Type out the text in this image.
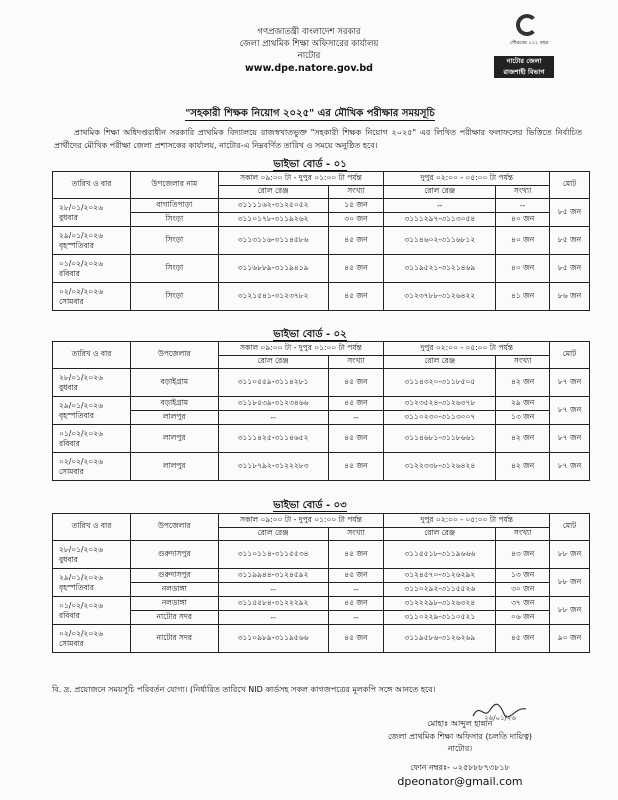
গণপ্রজাতন্ত্রী বাংলাদেশ সরকার
জেলা প্রাথমিক শিক্ষা অফিসারের কার্যালয়
নাটোর
www.dpe.natore.gov.bd
গৌরবের ১২২ বছর
নাটোর জেলা
রাজশাহী বিভাগ
"সহকারী শিক্ষক নিয়োগ ২০২৫" এর মৌখিক পরীক্ষার সময়সূচি
প্রাথমিক শিক্ষা অধিদপ্তরাধীন সরকারি প্রাথমিক বিদ্যালয়ে রাজস্বখাতভুক্ত "সহকারী শিক্ষক নিয়োগ ২০২৫" এর লিখিত পরীক্ষার ফলাফলের ভিত্তিতে নির্বাচিত প্রার্থীদের মৌখিক পরীক্ষা জেলা প্রশাসকের কার্যালয়, নাটোর-এ নিম্নবর্ণিত তারিখ ও সময়ে অনুষ্ঠিত হবে।
ভাইভা বোর্ড - ০১
তারিখ ও বার	উপজেলার নাম	সকাল ০৯:০০ টা - দুপুর ০১:০০ টা পর্যন্ত		দুপুর ০২:০০ - ০৫:০০ টা পর্যন্ত		মোট
		রোল রেঞ্জ	সংখ্যা	রোল রেঞ্জ	সংখ্যা	

২৮/০১/২০২৬
বুধবার	বাগাতিপাড়া	৩১১১১৬২-৩১২৫০৫২	১৫ জন	--	--	৮৫ জন
	সিংড়া	৩১১০১৭৮-৩১১৯২৬২	৩০ জন	৩১১১২৯৭-৩১১৩০৫৪	৪০ জন	

২৯/০১/২০২৬
বৃহস্পতিবার	সিংড়া	৩১১৩১১৬-৩১১৪৫৮৬	৪৫ জন	৩১১৪৬০২-৩১১৬৮১২	৪০ জন	৮৫ জন

০১/০২/২০২৬
রবিবার	সিংড়া	৩১১৬৮৮৯-৩১১৯৪১৯	৪৫ জন	৩১১৯৫২১-৩১২১৪৬৯	৪০ জন	৮৫ জন

০২/০২/২০২৬
সোমবার	সিংড়া	৩১২১৫৪১-৩১২৩৭৮২	৪৫ জন	৩১২৩৭৮৮-৩১২৬৪২২	৪১ জন	৮৬ জন
ভাইভা বোর্ড - ০২
তারিখ ও বার	উপজেলার	সকাল ০৯:০০ টা - দুপুর ০১:০০ টা পর্যন্ত		দুপুর ০২:০০ - ০৫:০০ টা পর্যন্ত		মোট
		রোল রেঞ্জ	সংখ্যা	রোল রেঞ্জ	সংখ্যা	

২৮/০১/২০২৬
বুধবার	বড়াইগ্রাম	৩১১০৫৫৯-৩১১৪২৮১	৪৫ জন	৩১১৪৩২০-৩১১৮৫০৫	৪২ জন	৮৭ জন

২৯/০১/২০২৬
বৃহস্পতিবার	বড়াইগ্রাম	৩১১৮৫৩৯-৩১২৩৪৬৬	৪৫ জন	৩১২৩৫২৪-৩১২৬৩৭৮	২৯ জন	৮৭ জন
	লালপুর	--	--	৩১১০২৩০-৩১১৩০০৭	১৩ জন	

০১/০২/২০২৬
রবিবার	লালপুর	৩১১১৪২৫-৩১১৪৬৫২	৪৫ জন	৩১১৪৬৮১-৩১১৮৬৬১	৪২ জন	৮৭ জন

০২/০২/২০২৬
সোমবার	লালপুর	৩১১৮৭৯২-৩১২২২৮৩	৪৫ জন	৩১২২৩৩৮-৩১২৬৪২৪	৪২ জন	৮৭ জন
ভাইভা বোর্ড - ০৩
তারিখ ও বার	উপজেলার	সকাল ০৯:০০ টা - দুপুর ০১:০০ টা পর্যন্ত		দুপুর ০২:০০ - ০৫:০০ টা পর্যন্ত		মোট
		রোল রেঞ্জ	সংখ্যা	রোল রেঞ্জ	সংখ্যা	

২৮/০১/২০২৬
বুধবার	গুরুদাসপুর	৩১১০১১৪-৩১১৫৫৩৪	৪৫ জন	৩১১৫৫১৮-৩১১৯৬৬৬	৪৩ জন	৮৮ জন

২৯/০১/২০২৬
বৃহস্পতিবার	গুরুদাসপুর	৩১১৯৯৪৪-৩১২৪৫৯২	৪৫ জন	৩১২৪৫৭০-৩১২৬২৯২	১৩ জন	৮৮ জন
	নলডাঙ্গা	--	--	৩১১০২৯২-৩১১৫৫২৬	৩০ জন	

০১/০২/২০২৬
রবিবার	নলডাঙ্গা	৩১১৫৫৮৪-৩১২২২৯২	৪৫ জন	৩১২২২৯৮-৩১২৬৩২৪	৩৭ জন	৮৮ জন
	নাটোর সদর	--	--	৩১১০২২৯-৩১১০৫২১	০৬ জন	

০২/০২/২০২৬
সোমবার	নাটোর সদর	৩১১০৯৮৯-৩১১৯৫৬৬	৪৫ জন	৩১১৯৫৮৬-৩১২৬২৬৯	৪৫ জন	৯০ জন
বি. দ্র. প্রয়োজনে সময়সূচি পরিবর্তন যোগ্য। (নির্ধারিত তারিখে NID কার্ডসহ সকল কাগজপত্রের মূলকপি সঙ্গে আনতে হবে।
২৬/০১/২৬
মোহাঃ আব্দুল হান্নান
জেলা প্রাথমিক শিক্ষা অফিসার (চলতি দায়িত্ব)
নাটোর।
ফোন নম্বরঃ- ০২৫৮৮৮৭৩৮১৮
dpeonator@gmail.com
